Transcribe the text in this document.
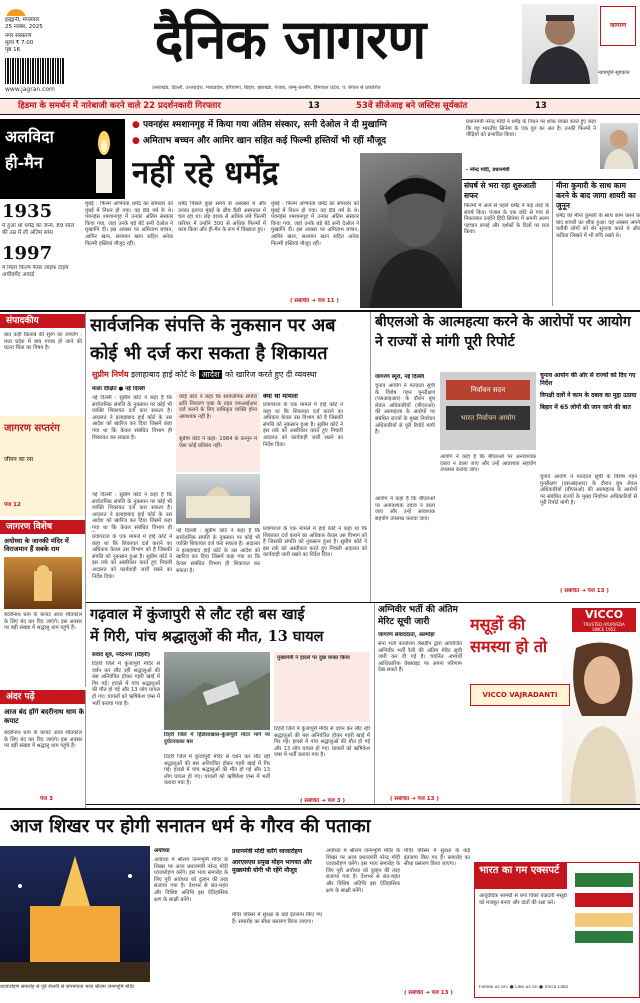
हल्द्वानी, मंगलवार
25 नवंबर, 2025
नगर संस्करण
मूल्य ₹ 7.00
पृष्ठ 16	दैनिक जागरण
उत्तराखंड, दिल्ली, उत्तरप्रदेश, मध्यप्रदेश, हरियाणा, बिहार, झारखंड, पंजाब, जम्मू-कश्मीर, हिमाचल प्रदेश, प. बंगाल से प्रकाशित
www.jagran.com
न्यायमूर्ति सूर्यकांत
जागरण
हिडमा के समर्थन में नारेबाजी करने वाले 22 प्रदर्शनकारी गिरफ्तार	13	53वें सीजेआइ बने जस्टिस सूर्यकांत	13
अलविदा
ही-मैन
1935
में हुआ था धर्मेंद्र का जन्म, 89 साल की उम्र में ली अंतिम सांस
1997
में मिला फिल्म फेयर लाइफ टाइम अचीवमेंट अवार्ड
● पवनहंस श्मशानगृह में किया गया अंतिम संस्कार, सनी देओल ने दी मुखाग्नि
● अमिताभ बच्चन और आमिर खान सहित कई फिल्मी हस्तियों भी रहीं मौजूद
नहीं रहे धर्मेंद्र
मुंबई : फिल्म अभिनेता धर्मेंद्र का सोमवार को मुंबई में निधन हो गया। वह 89 वर्ष के थे। पवनहंस श्मशानगृह में उनका अंतिम संस्कार किया गया, जहां उनके बड़े बेटे सनी देओल ने मुखाग्नि दी। इस अवसर पर अमिताभ बच्चन, आमिर खान, सलमान खान सहित अनेक फिल्मी हस्तियां मौजूद रहीं।
धर्मेंद्र पिछले कुछ समय से अस्वस्थ थे और उनका इलाज मुंबई के ब्रीच कैंडी अस्पताल में चल रहा था। छह दशक से अधिक लंबे फिल्मी करियर में उन्होंने 300 से अधिक फिल्मों में काम किया और ही-मैन के रूप में विख्यात हुए।
मुंबई : फिल्म अभिनेता धर्मेंद्र का सोमवार को मुंबई में निधन हो गया। वह 89 वर्ष के थे। पवनहंस श्मशानगृह में उनका अंतिम संस्कार किया गया, जहां उनके बड़े बेटे सनी देओल ने मुखाग्नि दी। इस अवसर पर अमिताभ बच्चन, आमिर खान, सलमान खान सहित अनेक फिल्मी हस्तियां मौजूद रहीं।
( संबंधित ➜ पेज 11 )
प्रधानमंत्री नरेन्द्र मोदी ने धर्मेंद्र के निधन पर शोक व्यक्त करते हुए कहा कि वह भारतीय सिनेमा के एक युग का अंत है। उनकी फिल्मों ने पीढ़ियों को प्रभावित किया।
- नरेन्द्र मोदी, प्रधानमंत्री
संघर्ष से भरा रहा शुरुआती सफर
फिल्मों में आने से पहले धर्मेंद्र ने कई तरह के संघर्ष किए। पंजाब के एक छोटे से गांव से निकलकर उन्होंने हिंदी सिनेमा में अपनी अलग पहचान बनाई और दर्शकों के दिलों पर राज किया।
मीना कुमारी के साथ काम करने के बाद जागा शायरी का जुनून
धर्मेंद्र को मीना कुमारी के साथ काम करने के बाद शायरी का शौक हुआ। वह अक्सर अपने करीबी लोगों को शेर सुनाया करते थे और कविता लिखने में भी रुचि रखते थे।
संपादकीय
बात कहीं क़िताब की सुरंग का उपयोग : मध्य प्रदेश में बाघ गायब हो जाने की घटना चिंता का विषय है।
जागरण सप्तरंग
जीवन का रस
पेज 12
जागरण विशेष
अयोध्या के जानकी मंदिर में विराजमान हैं सबके राम
बदरीनाथ धाम के कपाट आज शीतकाल के लिए बंद कर दिए जाएंगे। इस अवसर पर बड़ी संख्या में श्रद्धालु धाम पहुंचे हैं।
सार्वजनिक संपत्ति के नुकसान पर अब
कोई भी दर्ज करा सकता है शिकायत
सुप्रीम निर्णय इलाहाबाद हाई कोर्ट के आदेश को खारिज करते हुए दी व्यवस्था
माला दीक्षित ● नई दिल्ली
नई दिल्ली : सुप्रीम कोर्ट ने कहा है कि सार्वजनिक संपत्ति के नुकसान पर कोई भी व्यक्ति शिकायत दर्ज करा सकता है। अदालत ने इलाहाबाद हाई कोर्ट के उस आदेश को खारिज कर दिया जिसमें कहा गया था कि केवल संबंधित विभाग ही शिकायत कर सकता है।
कोई कोर्ट ने कहा कि सार्वजनिक संपत्ति क्षति निवारण एक्ट के तहत एफआईआर दर्ज कराने के लिए प्राधिकृत व्यक्ति होना आवश्यक नहीं है।
सुप्रीम कोर्ट ने कहा- 1984 के कानून में ऐसा कोई प्रतिबंध नहीं।
क्या था मामला
प्रयागराज के एक मामले में हाई कोर्ट ने कहा था कि शिकायत दर्ज कराने का अधिकार केवल उस विभाग को है जिसकी संपत्ति को नुकसान हुआ है। सुप्रीम कोर्ट ने इस तर्क को अस्वीकार करते हुए निचली अदालत को कार्यवाही जारी रखने का निर्देश दिया।
नई दिल्ली : सुप्रीम कोर्ट ने कहा है कि सार्वजनिक संपत्ति के नुकसान पर कोई भी व्यक्ति शिकायत दर्ज करा सकता है। अदालत ने इलाहाबाद हाई कोर्ट के उस आदेश को खारिज कर दिया जिसमें कहा गया था कि केवल संबंधित विभाग ही
बीएलओ के आत्महत्या करने के आरोपों पर आयोग ने राज्यों से मांगी पूरी रिपोर्ट
जागरण ब्यूरो, नई दिल्ली
चुनाव आयोग ने मतदाता सूची के विशेष गहन पुनरीक्षण (एसआइआर) के दौरान बूथ लेवल अधिकारियों (बीएलओ) की आत्महत्या के आरोपों पर संबंधित राज्यों के मुख्य निर्वाचन अधिकारियों से पूरी रिपोर्ट मांगी है।
निर्वाचन सदन
भारत निर्वाचन आयोग
चुनाव आयोग की ओर से राज्यों को दिए गए निर्देश
विपक्षी दलों ने काम के दबाव का मुद्दा उठाया
बिहार में 65 लोगों की जान जाने की बात
आयोग ने कहा है कि बीएलओ पर अनावश्यक दबाव न डाला जाए और उन्हें आवश्यक सहयोग उपलब्ध कराया जाए।
चुनाव आयोग ने मतदाता सूची के विशेष गहन पुनरीक्षण (एसआइआर) के दौरान बूथ लेवल अधिकारियों (बीएलओ) की आत्महत्या के आरोपों पर संबंधित राज्यों के मुख्य निर्वाचन अधिकारियों से पूरी रिपोर्ट मांगी है।
आयोग ने कहा है कि बीएलओ पर अनावश्यक दबाव न डाला जाए और उन्हें आवश्यक सहयोग उपलब्ध कराया जाए।
( संबंधित ➜ पेज 13 )
प्रयागराज के एक मामले में हाई कोर्ट ने कहा था कि शिकायत दर्ज कराने का अधिकार केवल उस विभाग को है जिसकी संपत्ति को नुकसान हुआ है। सुप्रीम कोर्ट ने इस तर्क को अस्वीकार करते हुए निचली अदालत को कार्यवाही जारी रखने का निर्देश दिया।
नई दिल्ली : सुप्रीम कोर्ट ने कहा है कि सार्वजनिक संपत्ति के नुकसान पर कोई भी व्यक्ति शिकायत दर्ज करा सकता है। अदालत ने इलाहाबाद हाई कोर्ट के उस आदेश को खारिज कर दिया जिसमें कहा गया था कि केवल संबंधित विभाग ही शिकायत कर सकता है।
प्रयागराज के एक मामले में हाई कोर्ट ने कहा था कि शिकायत दर्ज कराने का अधिकार केवल उस विभाग को है जिसकी संपत्ति को नुकसान हुआ है। सुप्रीम कोर्ट ने इस तर्क को अस्वीकार करते हुए निचली अदालत को कार्यवाही जारी रखने का निर्देश दिया।
गढ़वाल में कुंजापुरी से लौट रही बस खाई
में गिरी, पांच श्रद्धालुओं की मौत, 13 घायल
संवाद सूत्र, नरेंद्रनगर (टिहरी)
टिहरी जिले में कुंजापुरी मंदिर से दर्शन कर लौट रही श्रद्धालुओं की बस अनियंत्रित होकर गहरी खाई में गिर गई। हादसे में पांच श्रद्धालुओं की मौत हो गई और 13 लोग घायल हो गए। घायलों को ऋषिकेश एम्स में भर्ती कराया गया है।
टिहरी जिले में हिंडोलाखाल-कुंजापुरी मोटर मार्ग पर दुर्घटनाग्रस्त बस
टिहरी जिले में कुंजापुरी मंदिर से दर्शन कर लौट रही श्रद्धालुओं की बस अनियंत्रित होकर गहरी खाई में गिर गई। हादसे में पांच श्रद्धालुओं की मौत हो गई और 13 लोग घायल हो गए। घायलों को ऋषिकेश एम्स में भर्ती कराया गया है।
मुख्यमंत्री ने हादसे पर दुख व्यक्त किया
टिहरी जिले में कुंजापुरी मंदिर से दर्शन कर लौट रही श्रद्धालुओं की बस अनियंत्रित होकर गहरी खाई में गिर गई। हादसे में पांच श्रद्धालुओं की मौत हो गई और 13 लोग घायल हो गए। घायलों को ऋषिकेश एम्स में भर्ती कराया गया है।
( संबंधित ➜ पेज 3 )
अग्निवीर भर्ती की अंतिम मेरिट सूची जारी
जागरण संवाददाता, अल्मोड़ा
सेना भर्ती कार्यालय लैंसडौन द्वारा आयोजित अग्निवीर भर्ती रैली की अंतिम मेरिट सूची जारी कर दी गई है। चयनित अभ्यर्थी आधिकारिक वेबसाइट पर अपना परिणाम देख सकते हैं।
( संबंधित ➜ पेज 13 )
VICCO
TRUSTED AYURVEDA
SINCE 1952
मसूड़ों की समस्या हो तो
VICCO VAJRADANTI
अंदर पढ़ें
आज बंद होंगे बदरीनाथ धाम के कपाट
बदरीनाथ धाम के कपाट आज शीतकाल के लिए बंद कर दिए जाएंगे। इस अवसर पर बड़ी संख्या में श्रद्धालु धाम पहुंचे हैं।
पेज 3
आज शिखर पर होगी सनातन धर्म के गौरव की पताका
ध्वजारोहण समारोह से पूर्व रोशनी से जगमगाता भव्य श्रीराम जन्मभूमि मंदिर
अयोध्या
अयोध्या में श्रीराम जन्मभूमि मंदिर के शिखर पर आज प्रधानमंत्री नरेन्द्र मोदी ध्वजारोहण करेंगे। इस भव्य समारोह के लिए पूरी अयोध्या को दुल्हन की तरह सजाया गया है। देशभर से संत-महंत और विशिष्ट अतिथि इस ऐतिहासिक क्षण के साक्षी बनेंगे।
प्रधानमंत्री मोदी करेंगे ध्वजारोहण
आरएसएस प्रमुख मोहन भागवत और मुख्यमंत्री योगी भी रहेंगे मौजूद
मंदिर परिसर में सुरक्षा के कड़े इंतजाम किए गए हैं। समारोह का सीधा प्रसारण किया जाएगा।
अयोध्या में श्रीराम जन्मभूमि मंदिर के शिखर पर आज प्रधानमंत्री नरेन्द्र मोदी ध्वजारोहण करेंगे। इस भव्य समारोह के लिए पूरी अयोध्या को दुल्हन की तरह सजाया गया है। देशभर से संत-महंत और विशिष्ट अतिथि इस ऐतिहासिक क्षण के साक्षी बनेंगे।
मंदिर परिसर में सुरक्षा के कड़े इंतजाम किए गए हैं। समारोह का सीधा प्रसारण किया जाएगा।
( संबंधित ➜ पेज 13 )
भारत का गम एक्सपर्ट
आयुर्वेदिक सामग्री से बना विको वज्रदंती मसूड़ों को मजबूत बनाए और दांतों की रक्षा करे।
Follow us on: ● Like us on ● Vicco Labs
